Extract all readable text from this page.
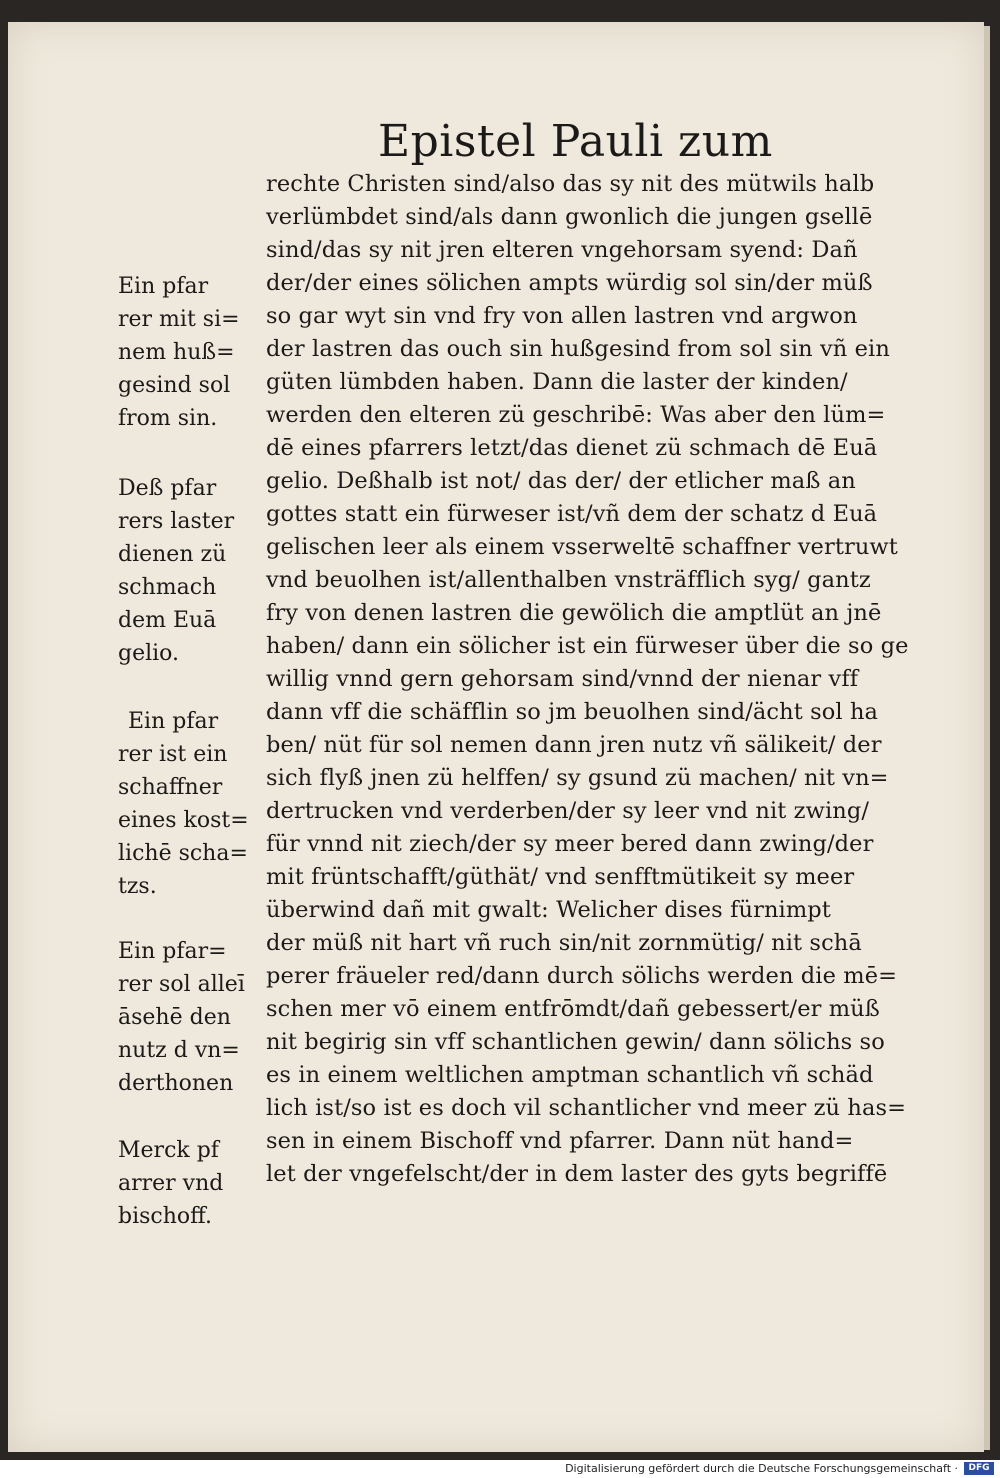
Epistel Pauli zum
Ein pfar
rer mit si=
nem huß=
gesind sol
from sin.
Deß pfar
rers laster
dienen zü
schmach
dem Euā
gelio.
Ein pfar
rer ist ein
schaffner
eines kost=
lichē scha=
tzs.
Ein pfar=
rer sol alleī
āsehē den
nutz d vn=
derthonen
Merck pf
arrer vnd
bischoff.
rechte Christen sind/also das sy nit des mütwils halb
verlümbdet sind/als dann gwonlich die jungen gsellē
sind/das sy nit jren elteren vngehorsam syend: Dañ
der/der eines sölichen ampts würdig sol sin/der müß
so gar wyt sin vnd fry von allen lastren vnd argwon
der lastren das ouch sin hußgesind from sol sin vñ ein
güten lümbden haben. Dann die laster der kinden/
werden den elteren zü geschribē: Was aber den lüm=
dē eines pfarrers letzt/das dienet zü schmach dē Euā
gelio. Deßhalb ist not/ das der/ der etlicher maß an
gottes statt ein fürweser ist/vñ dem der schatz d Euā
gelischen leer als einem vsserweltē schaffner vertruwt
vnd beuolhen ist/allenthalben vnsträfflich syg/ gantz
fry von denen lastren die gewölich die amptlüt an jnē
haben/ dann ein sölicher ist ein fürweser über die so ge
willig vnnd gern gehorsam sind/vnnd der nienar vff
dann vff die schäfflin so jm beuolhen sind/ächt sol ha
ben/ nüt für sol nemen dann jren nutz vñ sälikeit/ der
sich flyß jnen zü helffen/ sy gsund zü machen/ nit vn=
dertrucken vnd verderben/der sy leer vnd nit zwing/
für vnnd nit ziech/der sy meer bered dann zwing/der
mit früntschafft/güthät/ vnd senfftmütikeit sy meer
überwind dañ mit gwalt: Welicher dises fürnimpt
der müß nit hart vñ ruch sin/nit zornmütig/ nit schā
perer fräueler red/dann durch sölichs werden die mē=
schen mer vō einem entfrōmdt/dañ gebessert/er müß
nit begirig sin vff schantlichen gewin/ dann sölichs so
es in einem weltlichen amptman schantlich vñ schäd
lich ist/so ist es doch vil schantlicher vnd meer zü has=
sen in einem Bischoff vnd pfarrer. Dann nüt hand=
let der vngefelscht/der in dem laster des gyts begriffē
Digitalisierung gefördert durch die Deutsche Forschungsgemeinschaft ·	DFG
